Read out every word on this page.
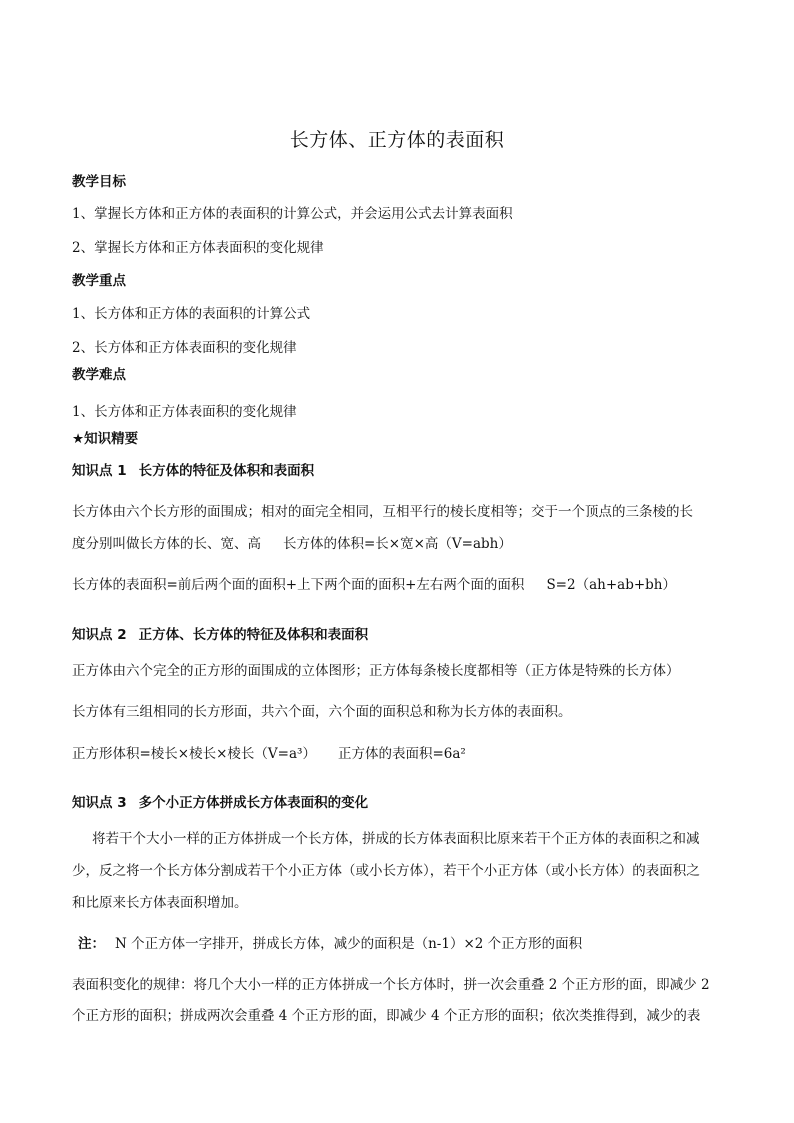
长方体、正方体的表面积
教学目标
1、掌握长方体和正方体的表面积的计算公式，并会运用公式去计算表面积
2、掌握长方体和正方体表面积的变化规律
教学重点
1、长方体和正方体的表面积的计算公式
2、长方体和正方体表面积的变化规律
教学难点
1、长方体和正方体表面积的变化规律
★知识精要
知识点 1 长方体的特征及体积和表面积
长方体由六个长方形的面围成；相对的面完全相同，互相平行的棱长度相等；交于一个顶点的三条棱的长
度分别叫做长方体的长、宽、高 长方体的体积=长×宽×高（V=abh）
长方体的表面积=前后两个面的面积+上下两个面的面积+左右两个面的面积 S=2（ah+ab+bh）
知识点 2 正方体、长方体的特征及体积和表面积
正方体由六个完全的正方形的面围成的立体图形；正方体每条棱长度都相等（正方体是特殊的长方体）
长方体有三组相同的长方形面，共六个面，六个面的面积总和称为长方体的表面积。
正方形体积=棱长×棱长×棱长（V=a³） 正方体的表面积=6a²
知识点 3 多个小正方体拼成长方体表面积的变化
将若干个大小一样的正方体拼成一个长方体，拼成的长方体表面积比原来若干个正方体的表面积之和减
少，反之将一个长方体分割成若干个小正方体（或小长方体），若干个小正方体（或小长方体）的表面积之
和比原来长方体表面积增加。
注： N 个正方体一字排开，拼成长方体，减少的面积是（n-1）×2 个正方形的面积
表面积变化的规律：将几个大小一样的正方体拼成一个长方体时，拼一次会重叠 2 个正方形的面，即减少 2
个正方形的面积；拼成两次会重叠 4 个正方形的面，即减少 4 个正方形的面积；依次类推得到，减少的表
